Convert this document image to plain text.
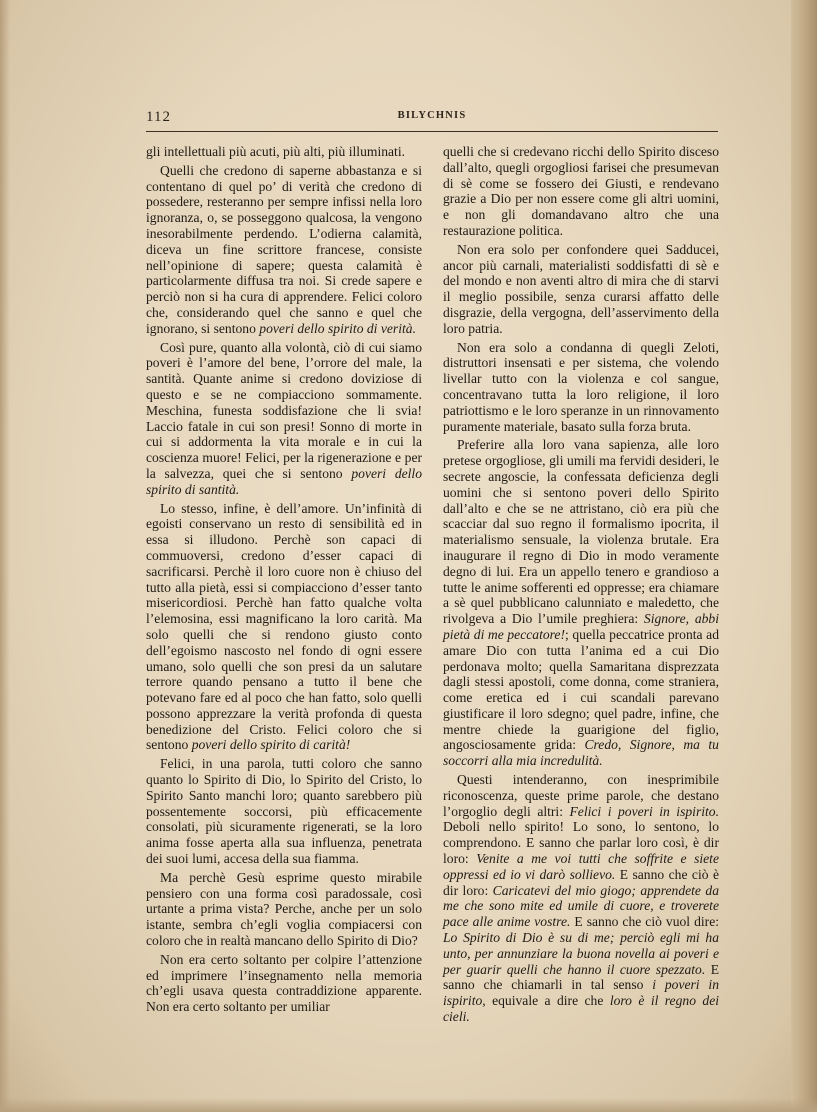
112	BILYCHNIS

gli intellettuali più acuti, più alti, più illuminati.

Quelli che credono di saperne abbastanza e si contentano di quel po’ di verità che credono di possedere, resteranno per sempre infissi nella loro ignoranza, o, se posseggono qualcosa, la vengono inesorabilmente perdendo. L’odierna calamità, diceva un fine scrittore francese, consiste nell’opinione di sapere; questa calamità è particolarmente diffusa tra noi. Si crede sapere e perciò non si ha cura di apprendere. Felici coloro che, considerando quel che sanno e quel che ignorano, si sentono poveri dello spirito di verità.

Così pure, quanto alla volontà, ciò di cui siamo poveri è l’amore del bene, l’orrore del male, la santità. Quante anime si credono doviziose di questo e se ne compiacciono sommamente. Meschina, funesta soddisfazione che li svia! Laccio fatale in cui son presi! Sonno di morte in cui si addormenta la vita morale e in cui la coscienza muore! Felici, per la rigenerazione e per la salvezza, quei che si sentono poveri dello spirito di santità.

Lo stesso, infine, è dell’amore. Un’infinità di egoisti conservano un resto di sensibilità ed in essa si illudono. Perchè son capaci di commuoversi, credono d’esser capaci di sacrificarsi. Perchè il loro cuore non è chiuso del tutto alla pietà, essi si compiacciono d’esser tanto misericordiosi. Perchè han fatto qualche volta l’elemosina, essi magnificano la loro carità. Ma solo quelli che si rendono giusto conto dell’egoismo nascosto nel fondo di ogni essere umano, solo quelli che son presi da un salutare terrore quando pensano a tutto il bene che potevano fare ed al poco che han fatto, solo quelli possono apprezzare la verità profonda di questa benedizione del Cristo. Felici coloro che si sentono poveri dello spirito di carità!

Felici, in una parola, tutti coloro che sanno quanto lo Spirito di Dio, lo Spirito del Cristo, lo Spirito Santo manchi loro; quanto sarebbero più possentemente soccorsi, più efficacemente consolati, più sicuramente rigenerati, se la loro anima fosse aperta alla sua influenza, penetrata dei suoi lumi, accesa della sua fiamma.

Ma perchè Gesù esprime questo mirabile pensiero con una forma così paradossale, così urtante a prima vista? Perche, anche per un solo istante, sembra ch’egli voglia compiacersi con coloro che in realtà mancano dello Spirito di Dio?

Non era certo soltanto per colpire l’attenzione ed imprimere l’insegnamento nella memoria ch’egli usava questa contraddizione apparente. Non era certo soltanto per umiliar

quelli che si credevano ricchi dello Spirito disceso dall’alto, quegli orgogliosi farisei che presumevan di sè come se fossero dei Giusti, e rendevano grazie a Dio per non essere come gli altri uomini, e non gli domandavano altro che una restaurazione politica.

Non era solo per confondere quei Sadducei, ancor più carnali, materialisti soddisfatti di sè e del mondo e non aventi altro di mira che di starvi il meglio possibile, senza curarsi affatto delle disgrazie, della vergogna, dell’asservimento della loro patria.

Non era solo a condanna di quegli Zeloti, distruttori insensati e per sistema, che volendo livellar tutto con la violenza e col sangue, concentravano tutta la loro religione, il loro patriottismo e le loro speranze in un rinnovamento puramente materiale, basato sulla forza bruta.

Preferire alla loro vana sapienza, alle loro pretese orgogliose, gli umili ma fervidi desideri, le secrete angoscie, la confessata deficienza degli uomini che si sentono poveri dello Spirito dall’alto e che se ne attristano, ciò era più che scacciar dal suo regno il formalismo ipocrita, il materialismo sensuale, la violenza brutale. Era inaugurare il regno di Dio in modo veramente degno di lui. Era un appello tenero e grandioso a tutte le anime sofferenti ed oppresse; era chiamare a sè quel pubblicano calunniato e maledetto, che rivolgeva a Dio l’umile preghiera: Signore, abbi pietà di me peccatore!; quella peccatrice pronta ad amare Dio con tutta l’anima ed a cui Dio perdonava molto; quella Samaritana disprezzata dagli stessi apostoli, come donna, come straniera, come eretica ed i cui scandali parevano giustificare il loro sdegno; quel padre, infine, che mentre chiede la guarigione del figlio, angosciosamente grida: Credo, Signore, ma tu soccorri alla mia incredulità.

Questi intenderanno, con inesprimibile riconoscenza, queste prime parole, che destano l’orgoglio degli altri: Felici i poveri in ispirito. Deboli nello spirito! Lo sono, lo sentono, lo comprendono. E sanno che parlar loro così, è dir loro: Venite a me voi tutti che soffrite e siete oppressi ed io vi darò sollievo. E sanno che ciò è dir loro: Caricatevi del mio giogo; apprendete da me che sono mite ed umile di cuore, e troverete pace alle anime vostre. E sanno che ciò vuol dire: Lo Spirito di Dio è su di me; perciò egli mi ha unto, per annunziare la buona novella ai poveri e per guarir quelli che hanno il cuore spezzato. E sanno che chiamarli in tal senso i poveri in ispirito, equivale a dire che loro è il regno dei cieli.
